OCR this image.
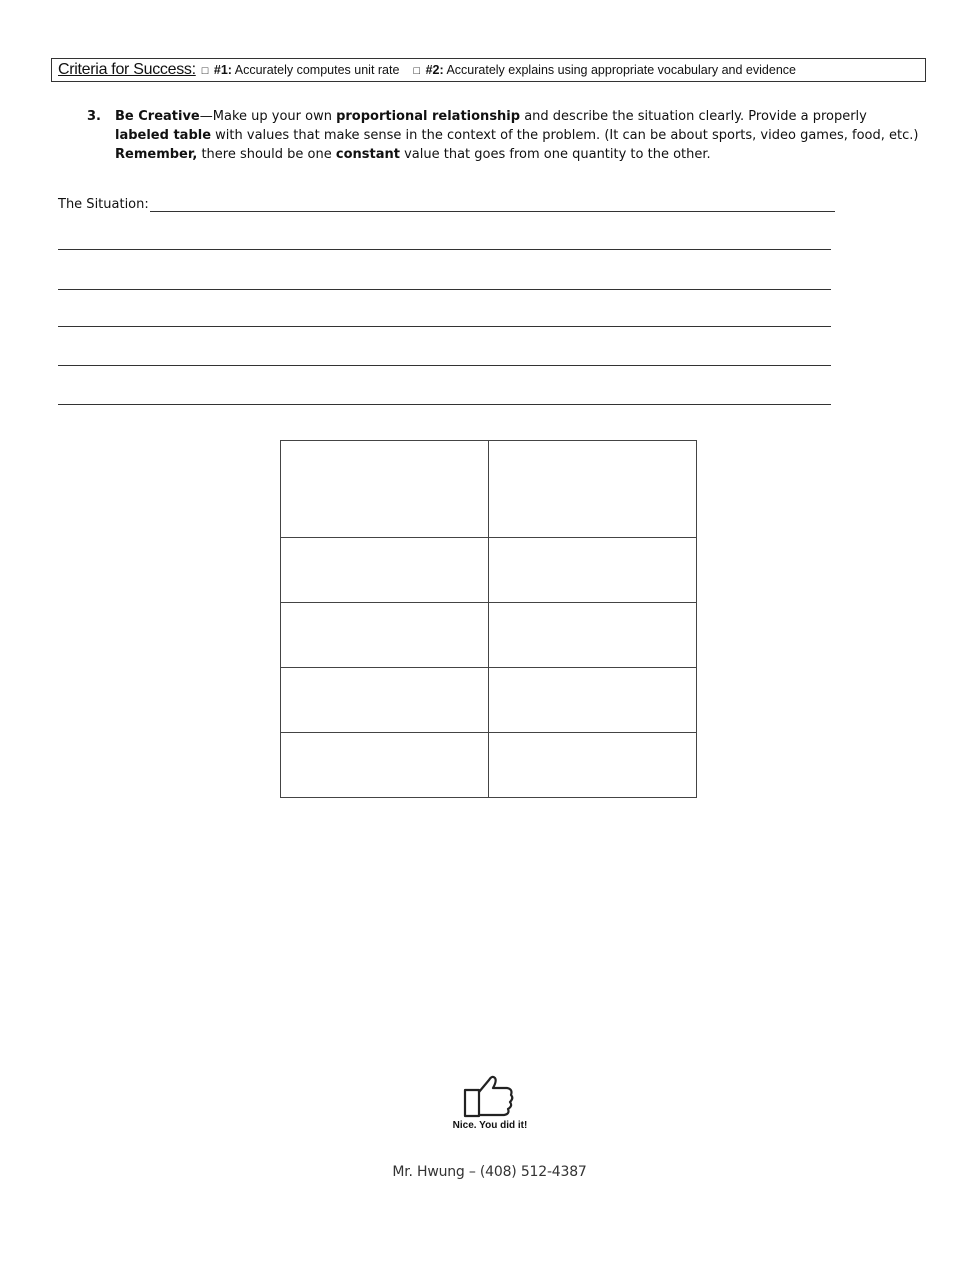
Criteria for Success: □ #1: Accurately computes unit rate □ #2: Accurately explains using appropriate vocabulary and evidence
3. Be Creative—Make up your own proportional relationship and describe the situation clearly. Provide a properly labeled table with values that make sense in the context of the problem. (It can be about sports, video games, food, etc.) Remember, there should be one constant value that goes from one quantity to the other.
The Situation:

Nice. You did it!
Mr. Hwung – (408) 512-4387
